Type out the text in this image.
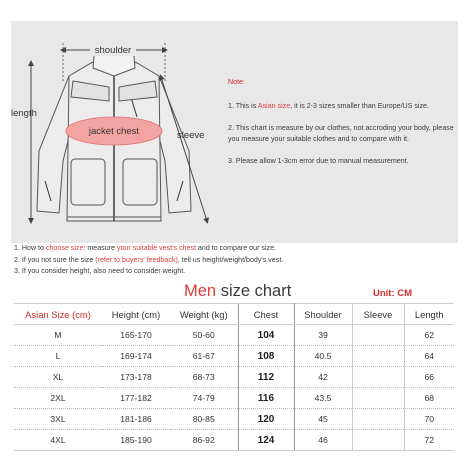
shoulder
length
jacket chest	sleeve
Note:

1. This is Asian size, it is 2-3 sizes smaller than Europe/US size.

2. This chart is measure by our clothes, not accroding your body, please you measure your suitable clothes and to compare with it.

3. Please allow 1-3cm error due to manual measurement.

1. How to choose size: measure your suitable vest's chest and to compare our size.
2. If you not sure the size (refer to buyers' feedback), tell us height/weight/body's vest.
3. If you consider height, also need to consider weight.
Men size chart	Unit: CM
Asian Size (cm)	Height (cm)	Weight (kg)	Chest	Shoulder	Sleeve	Length
M	165-170	50-60	104	39		62
L	169-174	61-67	108	40.5		64
XL	173-178	68-73	112	42		66
2XL	177-182	74-79	116	43.5		68
3XL	181-186	80-85	120	45		70
4XL	185-190	86-92	124	46		72
